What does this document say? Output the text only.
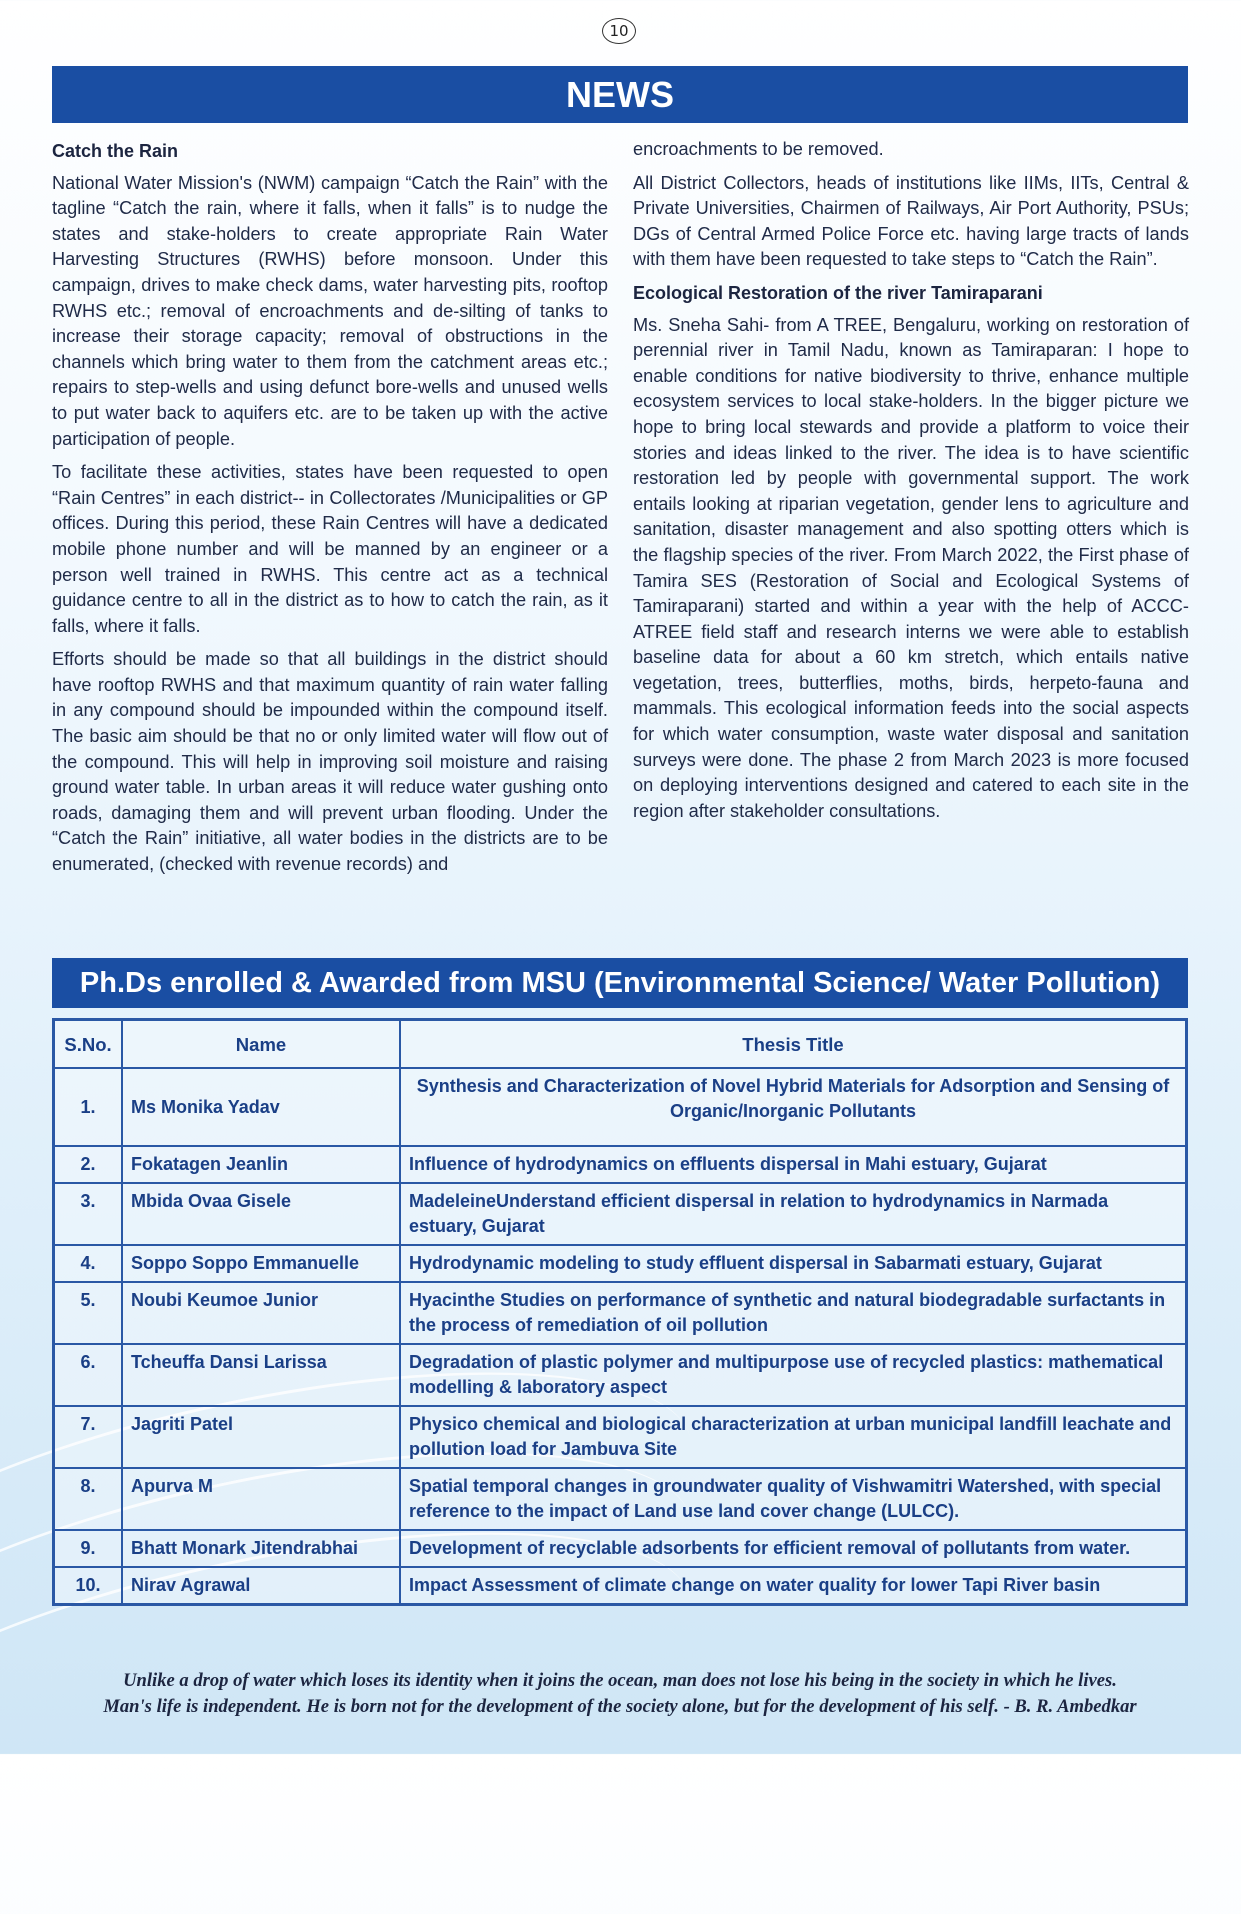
10
NEWS
Catch the Rain

National Water Mission's (NWM) campaign “Catch the Rain” with the tagline “Catch the rain, where it falls, when it falls” is to nudge the states and stake-holders to create appropriate Rain Water Harvesting Structures (RWHS) before monsoon. Under this campaign, drives to make check dams, water harvesting pits, rooftop RWHS etc.; removal of encroachments and de-silting of tanks to increase their storage capacity; removal of obstructions in the channels which bring water to them from the catchment areas etc.; repairs to step-wells and using defunct bore-wells and unused wells to put water back to aquifers etc. are to be taken up with the active participation of people.

To facilitate these activities, states have been requested to open “Rain Centres” in each district-- in Collectorates /Municipalities or GP offices. During this period, these Rain Centres will have a dedicated mobile phone number and will be manned by an engineer or a person well trained in RWHS. This centre act as a technical guidance centre to all in the district as to how to catch the rain, as it falls, where it falls.

Efforts should be made so that all buildings in the district should have rooftop RWHS and that maximum quantity of rain water falling in any compound should be impounded within the compound itself. The basic aim should be that no or only limited water will flow out of the compound. This will help in improving soil moisture and raising ground water table. In urban areas it will reduce water gushing onto roads, damaging them and will prevent urban flooding. Under the “Catch the Rain” initiative, all water bodies in the districts are to be enumerated, (checked with revenue records) and

encroachments to be removed.

All District Collectors, heads of institutions like IIMs, IITs, Central & Private Universities, Chairmen of Railways, Air Port Authority, PSUs; DGs of Central Armed Police Force etc. having large tracts of lands with them have been requested to take steps to “Catch the Rain”.

Ecological Restoration of the river Tamiraparani

Ms. Sneha Sahi- from A TREE, Bengaluru, working on restoration of perennial river in Tamil Nadu, known as Tamiraparan: I hope to enable conditions for native biodiversity to thrive, enhance multiple ecosystem services to local stake-holders. In the bigger picture we hope to bring local stewards and provide a platform to voice their stories and ideas linked to the river. The idea is to have scientific restoration led by people with governmental support. The work entails looking at riparian vegetation, gender lens to agriculture and sanitation, disaster management and also spotting otters which is the flagship species of the river. From March 2022, the First phase of Tamira SES (Restoration of Social and Ecological Systems of Tamiraparani) started and within a year with the help of ACCC-ATREE field staff and research interns we were able to establish baseline data for about a 60 km stretch, which entails native vegetation, trees, butterflies, moths, birds, herpeto-fauna and mammals. This ecological information feeds into the social aspects for which water consumption, waste water disposal and sanitation surveys were done. The phase 2 from March 2023 is more focused on deploying interventions designed and catered to each site in the region after stakeholder consultations.

Ph.Ds enrolled & Awarded from MSU (Environmental Science/ Water Pollution)
S.No.	Name	Thesis Title
1.	Ms Monika Yadav	Synthesis and Characterization of Novel Hybrid Materials for Adsorption and Sensing of Organic/Inorganic Pollutants
2.	Fokatagen Jeanlin	Influence of hydrodynamics on effluents dispersal in Mahi estuary, Gujarat
3.	Mbida Ovaa Gisele	MadeleineUnderstand efficient dispersal in relation to hydrodynamics in Narmada estuary, Gujarat
4.	Soppo Soppo Emmanuelle	Hydrodynamic modeling to study effluent dispersal in Sabarmati estuary, Gujarat
5.	Noubi Keumoe Junior	Hyacinthe Studies on performance of synthetic and natural biodegradable surfactants in the process of remediation of oil pollution
6.	Tcheuffa Dansi Larissa	Degradation of plastic polymer and multipurpose use of recycled plastics: mathematical modelling & laboratory aspect
7.	Jagriti Patel	Physico chemical and biological characterization at urban municipal landfill leachate and pollution load for Jambuva Site
8.	Apurva M	Spatial temporal changes in groundwater quality of Vishwamitri Watershed, with special reference to the impact of Land use land cover change (LULCC).
9.	Bhatt Monark Jitendrabhai	Development of recyclable adsorbents for efficient removal of pollutants from water.
10.	Nirav Agrawal	Impact Assessment of climate change on water quality for lower Tapi River basin
Unlike a drop of water which loses its identity when it joins the ocean, man does not lose his being in the society in which he lives.
Man's life is independent. He is born not for the development of the society alone, but for the development of his self. - B. R. Ambedkar
